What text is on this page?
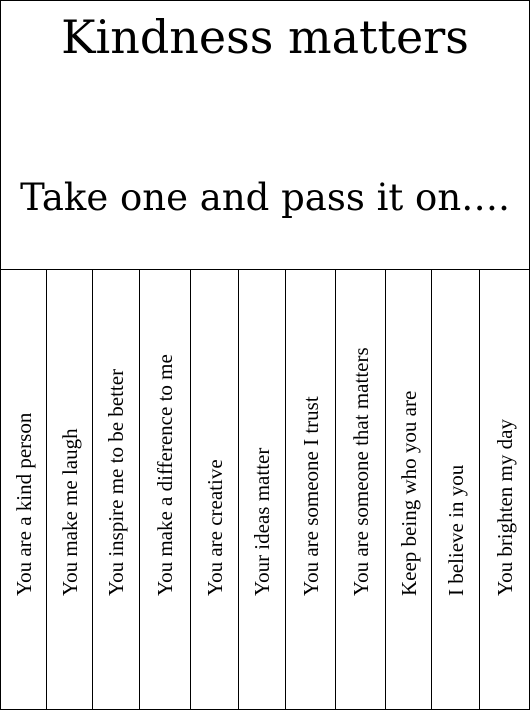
Kindness matters
Take one and pass it on….
You are a kind person You make me laugh You inspire me to be better You make a difference to me You are creative Your ideas matter You are someone I trust You are someone that matters Keep being who you are I believe in you You brighten my day
